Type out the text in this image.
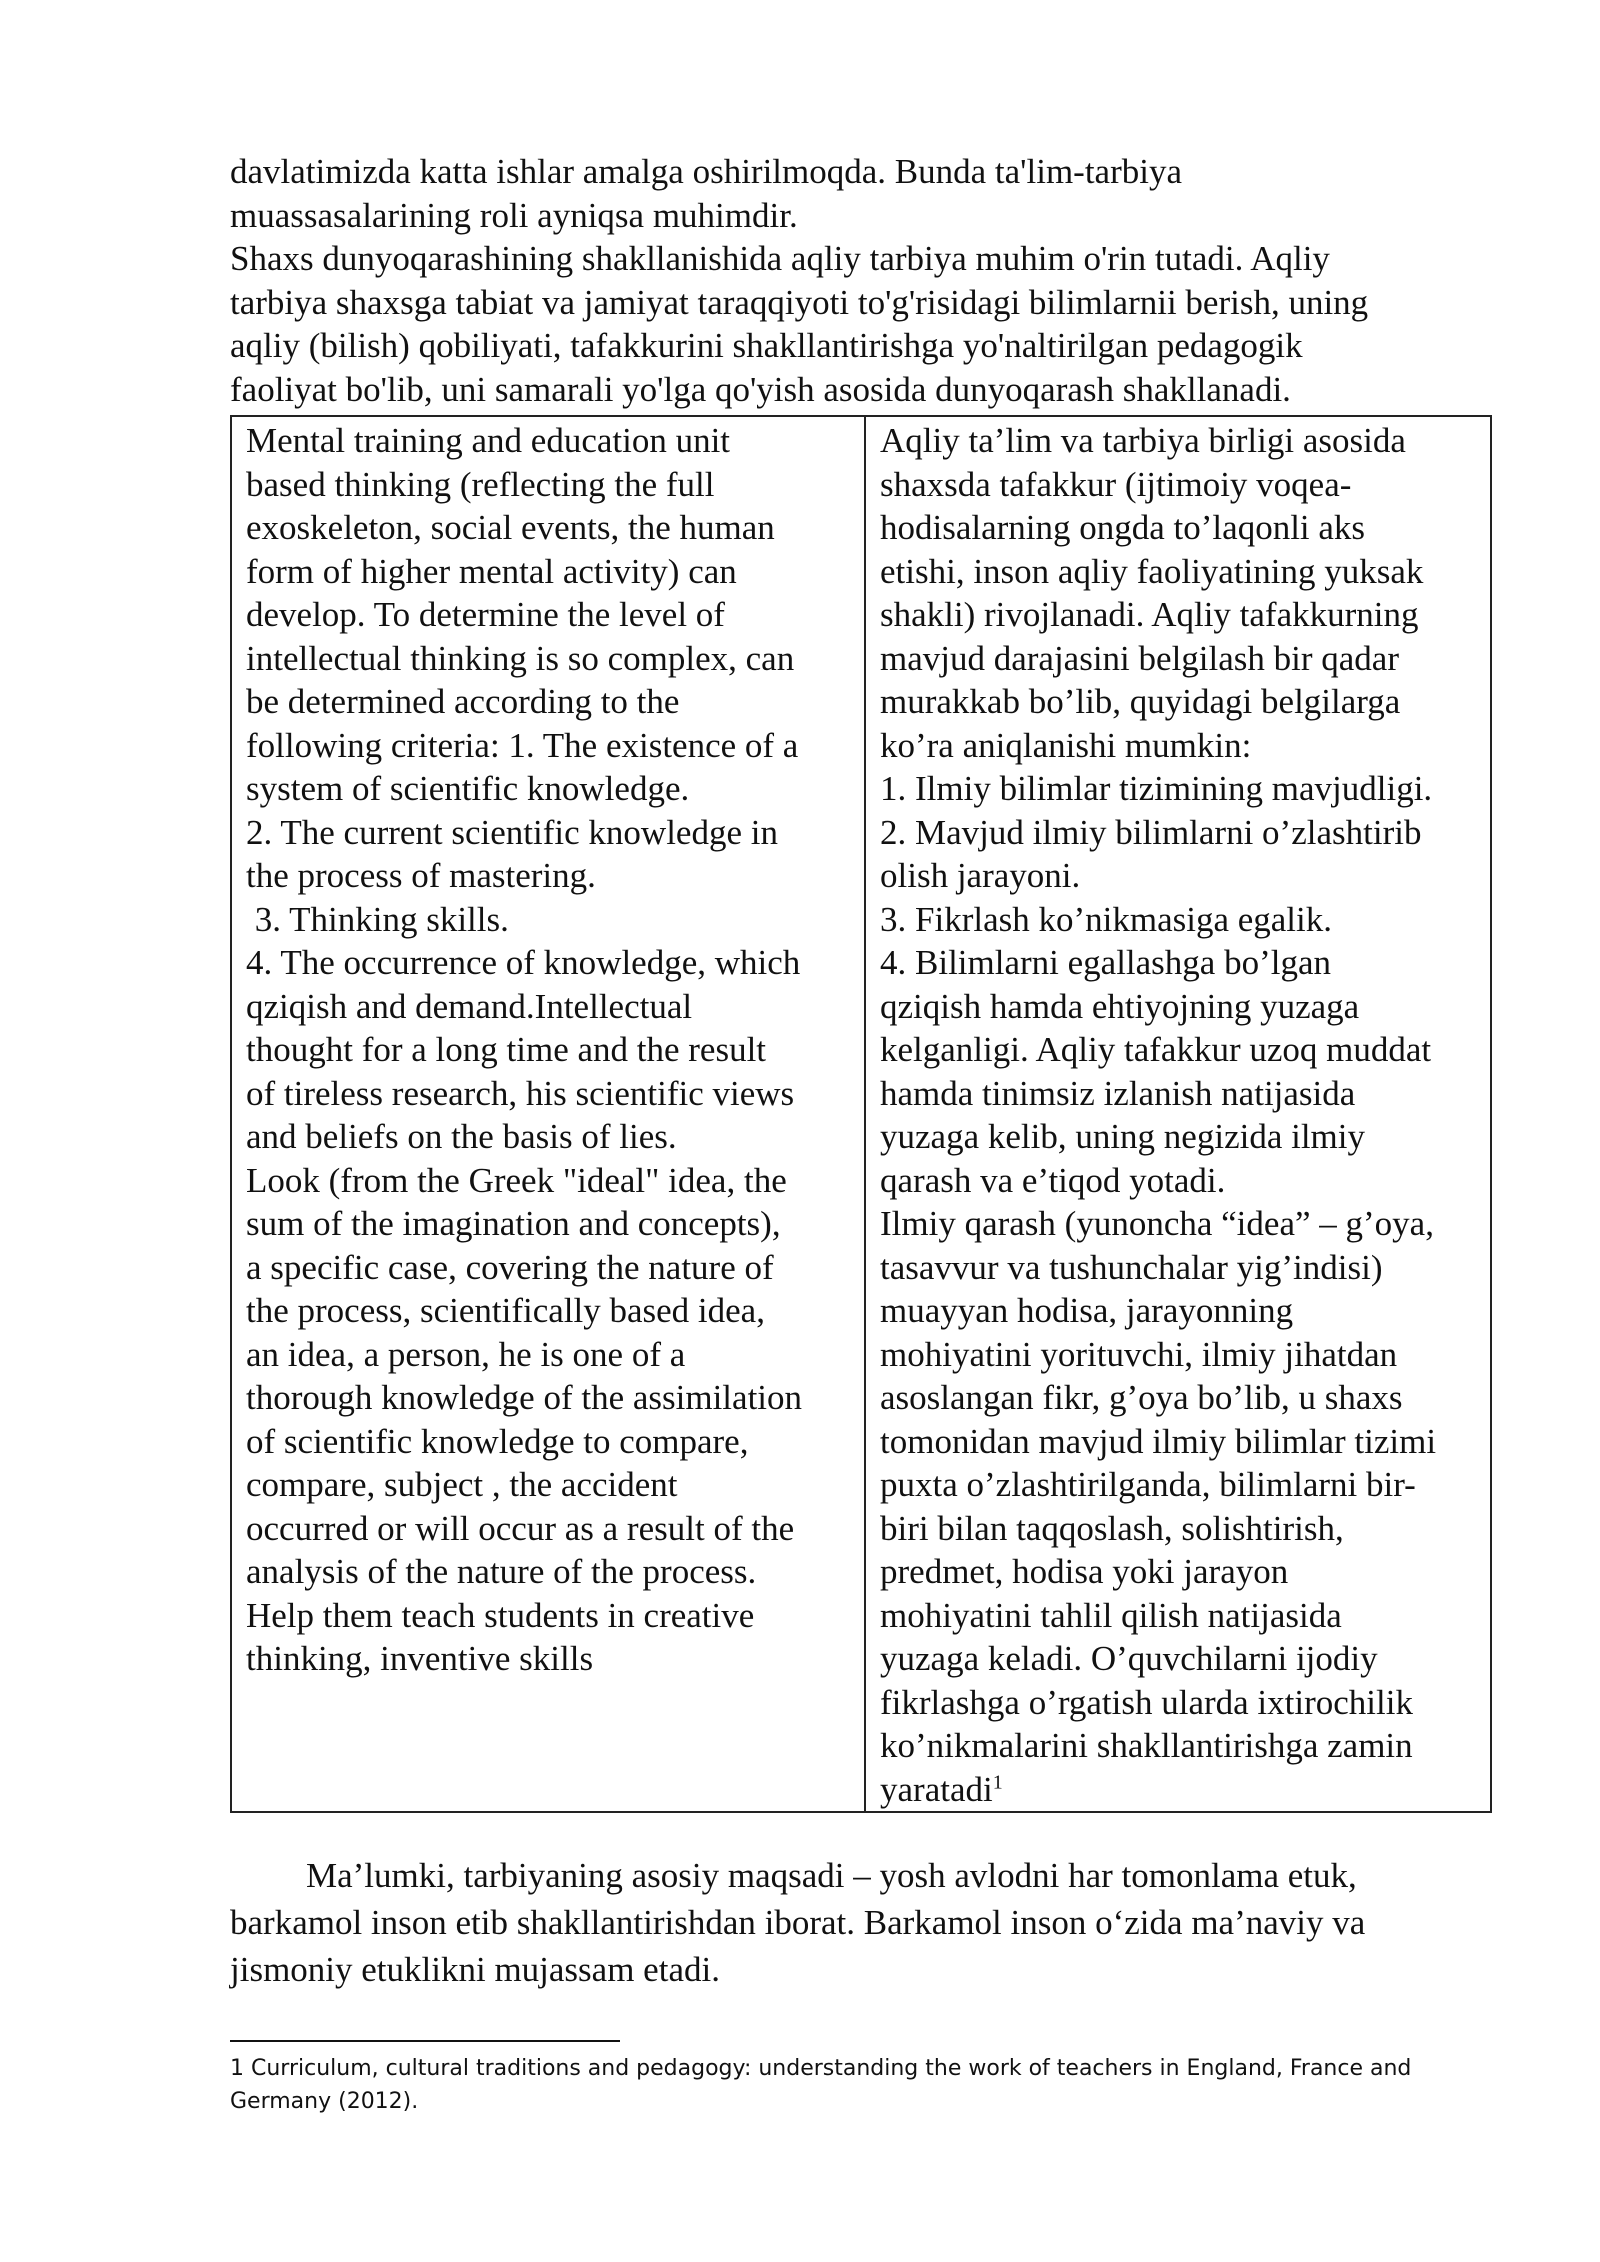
davlatimizda katta ishlar amalga oshirilmoqda. Bunda ta'lim-tarbiya

muassasalarining roli ayniqsa muhimdir.

Shaxs dunyoqarashining shakllanishida aqliy tarbiya muhim o'rin tutadi. Aqliy

tarbiya shaxsga tabiat va jamiyat taraqqiyoti to'g'risidagi bilimlarnii berish, uning

aqliy (bilish) qobiliyati, tafakkurini shakllantirishga yo'naltirilgan pedagogik

faoliyat bo'lib, uni samarali yo'lga qo'yish asosida dunyoqarash shakllanadi.

Mental training and education unit
based thinking (reflecting the full
exoskeleton, social events, the human
form of higher mental activity) can
develop. To determine the level of
intellectual thinking is so complex, can
be determined according to the
following criteria: 1. The existence of a
system of scientific knowledge.
2. The current scientific knowledge in
the process of mastering.
3. Thinking skills.
4. The occurrence of knowledge, which
qziqish and demand.Intellectual
thought for a long time and the result
of tireless research, his scientific views
and beliefs on the basis of lies.
Look (from the Greek "ideal" idea, the
sum of the imagination and concepts),
a specific case, covering the nature of
the process, scientifically based idea,
an idea, a person, he is one of a
thorough knowledge of the assimilation
of scientific knowledge to compare,
compare, subject , the accident
occurred or will occur as a result of the
analysis of the nature of the process.
Help them teach students in creative
thinking, inventive skills

Aqliy ta’lim va tarbiya birligi asosida
shaxsda tafakkur (ijtimoiy voqea-
hodisalarning ongda to’laqonli aks
etishi, inson aqliy faoliyatining yuksak
shakli) rivojlanadi. Aqliy tafakkurning
mavjud darajasini belgilash bir qadar
murakkab bo’lib, quyidagi belgilarga
ko’ra aniqlanishi mumkin:
1. Ilmiy bilimlar tizimining mavjudligi.
2. Mavjud ilmiy bilimlarni o’zlashtirib
olish jarayoni.
3. Fikrlash ko’nikmasiga egalik.
4. Bilimlarni egallashga bo’lgan
qziqish hamda ehtiyojning yuzaga
kelganligi. Aqliy tafakkur uzoq muddat
hamda tinimsiz izlanish natijasida
yuzaga kelib, uning negizida ilmiy
qarash va e’tiqod yotadi.
Ilmiy qarash (yunoncha “idea” – g’oya,
tasavvur va tushunchalar yig’indisi)
muayyan hodisa, jarayonning
mohiyatini yorituvchi, ilmiy jihatdan
asoslangan fikr, g’oya bo’lib, u shaxs
tomonidan mavjud ilmiy bilimlar tizimi
puxta o’zlashtirilganda, bilimlarni bir-
biri bilan taqqoslash, solishtirish,
predmet, hodisa yoki jarayon
mohiyatini tahlil qilish natijasida
yuzaga keladi. O’quvchilarni ijodiy
fikrlashga o’rgatish ularda ixtirochilik
ko’nikmalarini shakllantirishga zamin
yaratadi$^1$

Ma’lumki, tarbiyaning asosiy maqsadi – yosh avlodni har tomonlama etuk, barkamol inson etib shakllantirishdan iborat. Barkamol inson o‘zida ma’naviy va jismoniy etuklikni mujassam etadi.

1 Curriculum, cultural traditions and pedagogy: understanding the work of teachers in England, France and Germany (2012).
